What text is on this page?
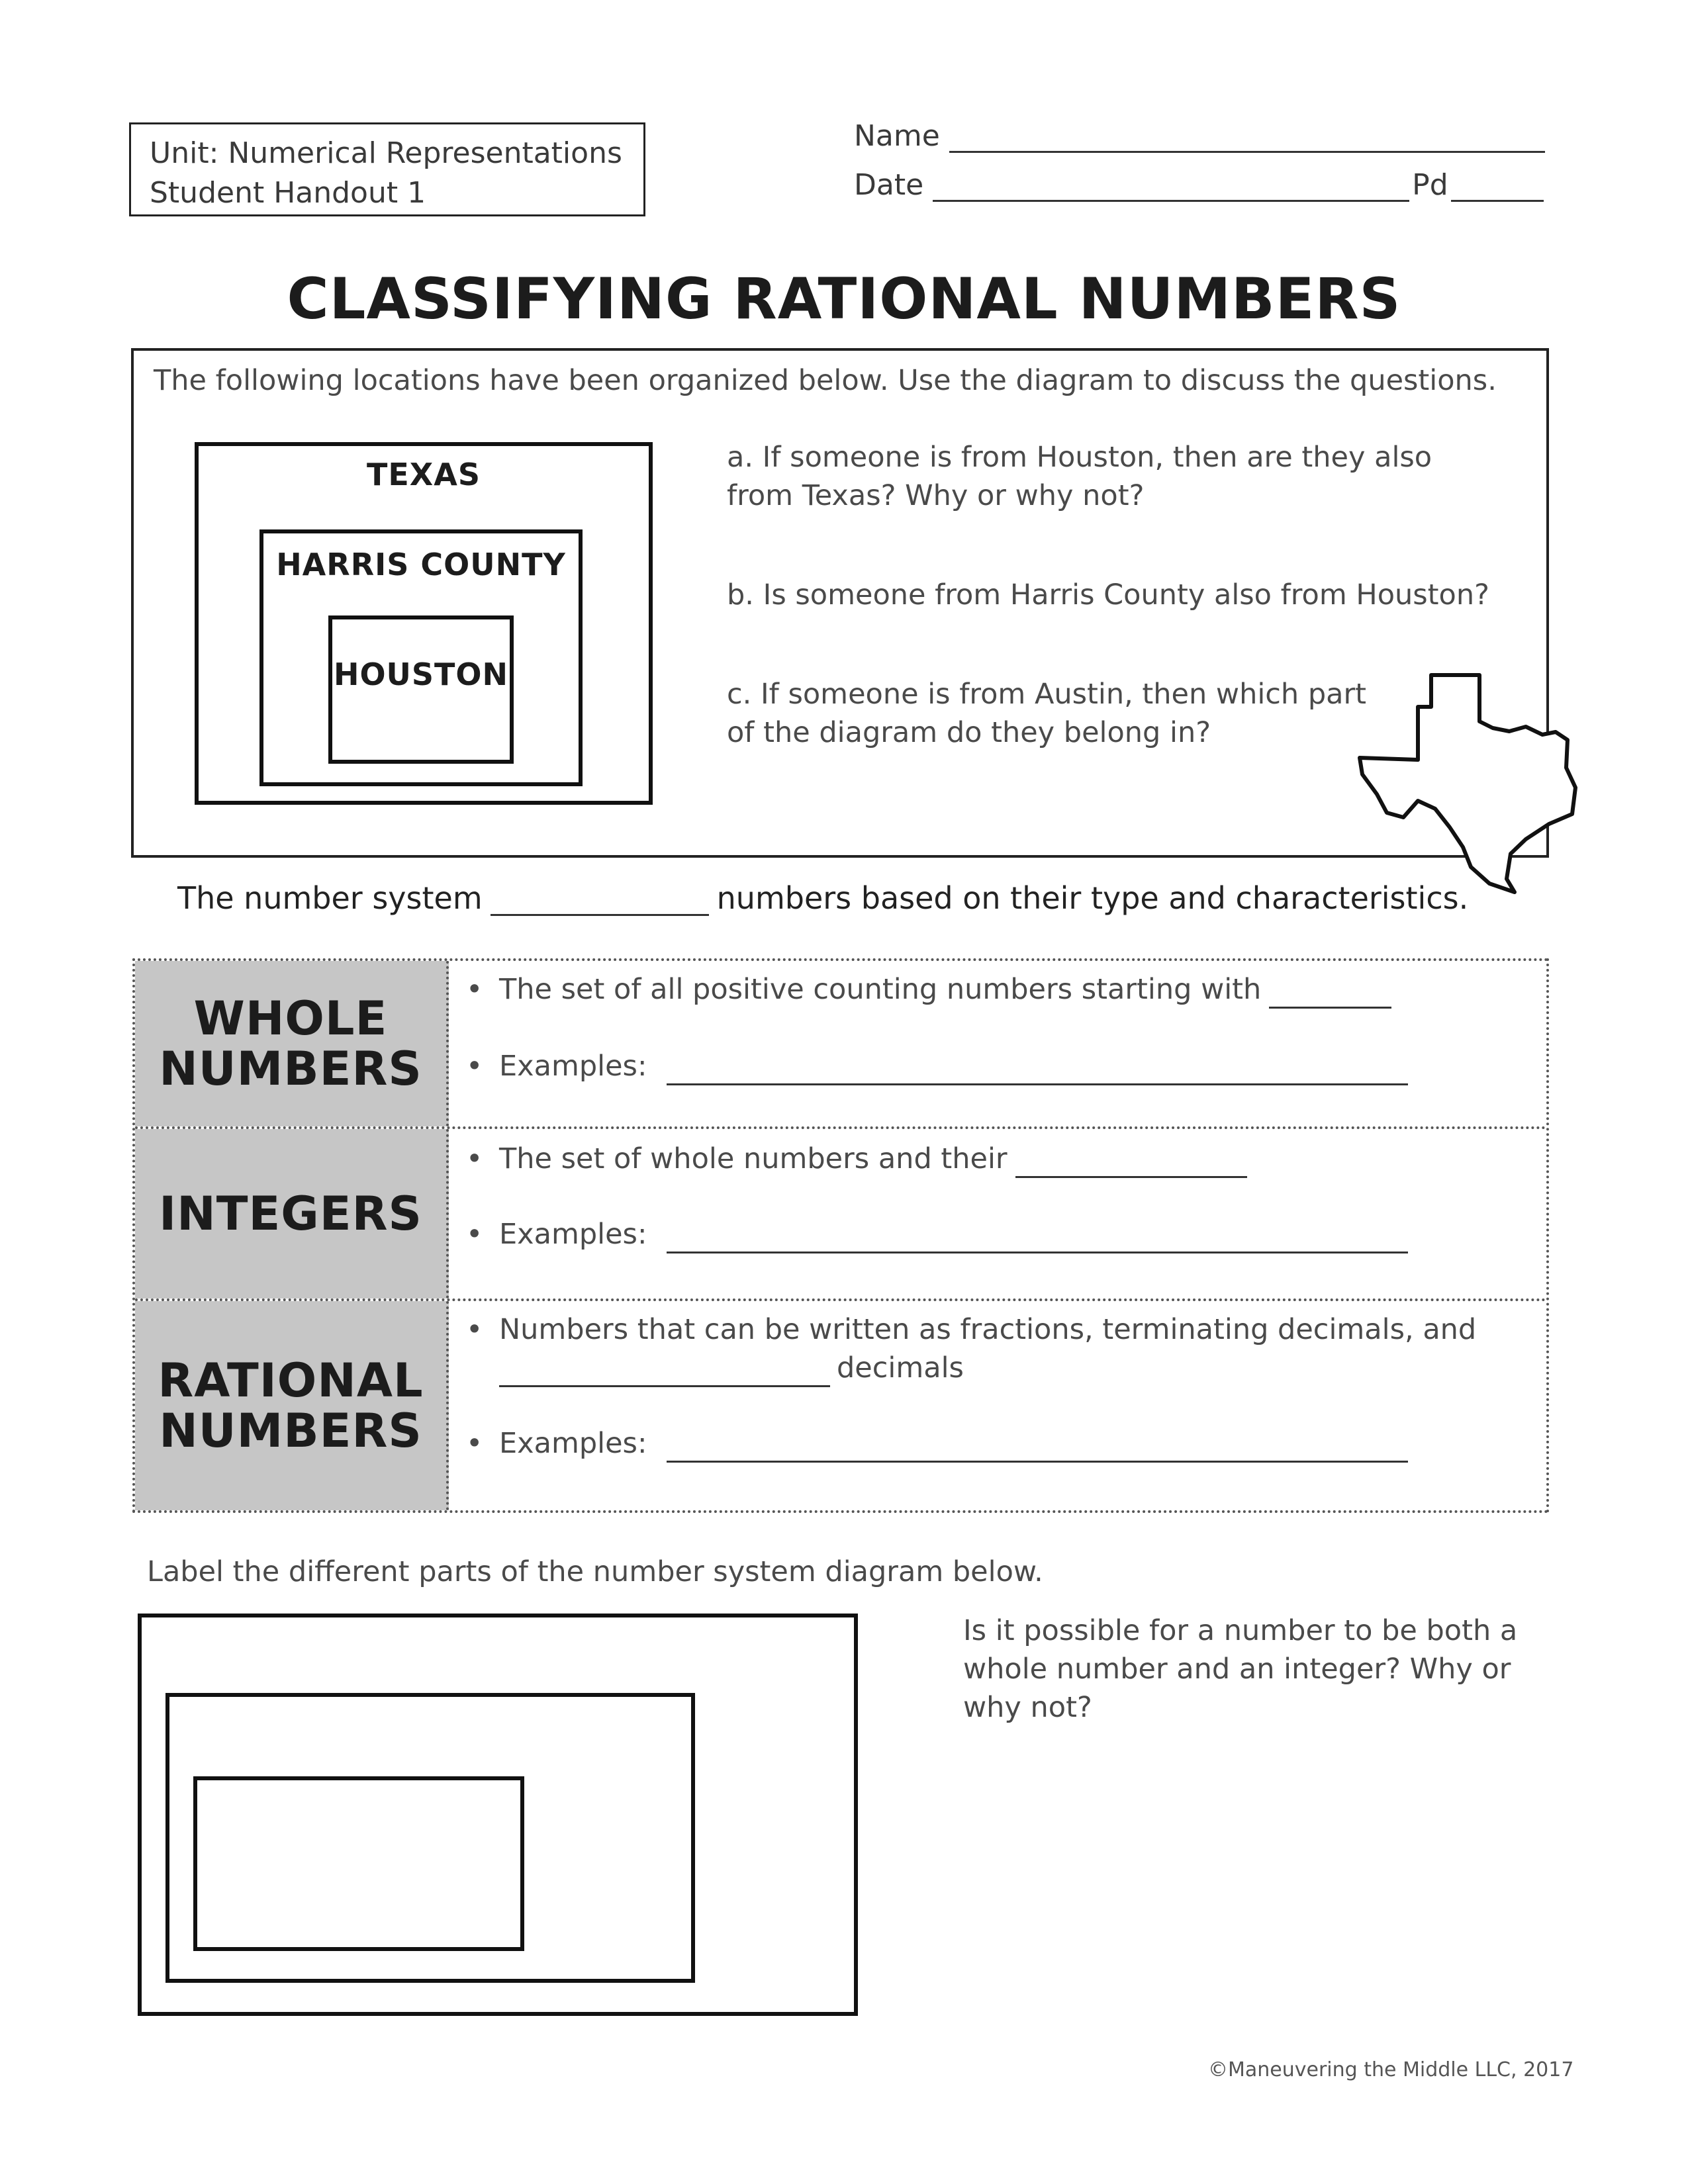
Unit: Numerical Representations
Student Handout 1
Name
Date	Pd
CLASSIFYING RATIONAL NUMBERS
The following locations have been organized below. Use the diagram to discuss the questions.
TEXAS
HARRIS COUNTY
HOUSTON
a. If someone is from Houston, then are they also
from Texas? Why or why not?
b. Is someone from Harris County also from Houston?
c. If someone is from Austin, then which part
of the diagram do they belong in?
The number system	numbers based on their type and characteristics.
WHOLE
NUMBERS
• The set of all positive counting numbers starting with
• Examples:
INTEGERS
• The set of whole numbers and their
• Examples:
RATIONAL
NUMBERS
• Numbers that can be written as fractions, terminating decimals, and
decimals
• Examples:
Label the different parts of the number system diagram below.
Is it possible for a number to be both a
whole number and an integer? Why or
why not?
©Maneuvering the Middle LLC, 2017
